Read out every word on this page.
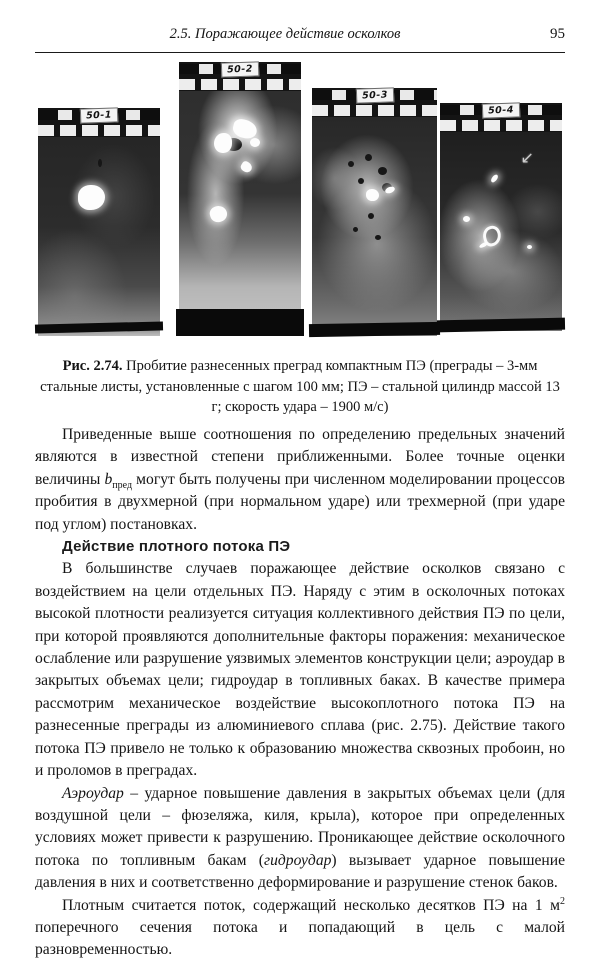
2.5. Поражающее действие осколков	95
50-1
50-2
50-3
50-4
↙
Рис. 2.74. Пробитие разнесенных преград компактным ПЭ (преграды – 3-мм стальные листы, установленные с шагом 100 мм; ПЭ – стальной цилиндр массой 13 г; скорость удара – 1900 м/с)

Приведенные выше соотношения по определению предельных значений являются в известной степени приближенными. Более точные оценки величины $b_{пред}$ могут быть получены при численном моделировании процессов пробития в двухмерной (при нормальном ударе) или трехмерной (при ударе под углом) постановках.

Действие плотного потока ПЭ

В большинстве случаев поражающее действие осколков связано с воздействием на цели отдельных ПЭ. Наряду с этим в осколочных потоках высокой плотности реализуется ситуация коллективного действия ПЭ по цели, при которой проявляются дополнительные факторы поражения: механическое ослабление или разрушение уязвимых элементов конструкции цели; аэроудар в закрытых объемах цели; гидроудар в топливных баках. В качестве примера рассмотрим механическое воздействие высокоплотного потока ПЭ на разнесенные преграды из алюминиевого сплава (рис. 2.75). Действие такого потока ПЭ привело не только к образованию множества сквозных пробоин, но и проломов в преградах.

Аэроудар – ударное повышение давления в закрытых объемах цели (для воздушной цели – фюзеляжа, киля, крыла), которое при определенных условиях может привести к разрушению. Проникающее действие осколочного потока по топливным бакам (гидроудар) вызывает ударное повышение давления в них и соответственно деформирование и разрушение стенок баков.

Плотным считается поток, содержащий несколько десятков ПЭ на 1 $м^2$ поперечного сечения потока и попадающий в цель с малой разновременностью.
